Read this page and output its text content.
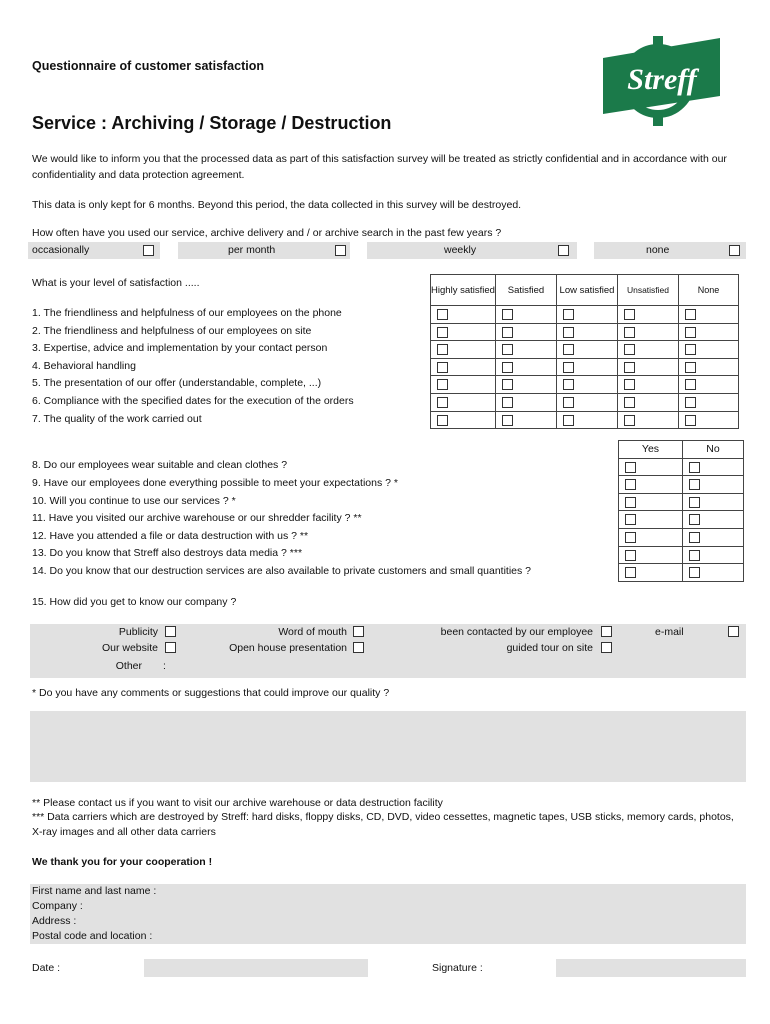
Questionnaire of customer satisfaction
Service : Archiving / Storage / Destruction
Streff
We would like to inform you that the processed data as part of this satisfaction survey will be treated as strictly confidential and in accordance with our confidentiality and data protection agreement.
This data is only kept for 6 months. Beyond this period, the data collected in this survey will be destroyed.
How often have you used our service, archive delivery and / or archive search in the past few years ?
occasionally	per month	weekly	none
What is your level of satisfaction .....
Highly satisfied	Satisfied	Low satisfied	Unsatisfied	None

1. The friendliness and helpfulness of our employees on the phone
2. The friendliness and helpfulness of our employees on site
3. Expertise, advice and implementation by your contact person
4. Behavioral handling
5. The presentation of our offer (understandable, complete, ...)
6. Compliance with the specified dates for the execution of the orders
7. The quality of the work carried out
Yes	No

8. Do our employees wear suitable and clean clothes ?
9. Have our employees done everything possible to meet your expectations ? *
10. Will you continue to use our services ? *
11. Have you visited our archive warehouse or our shredder facility ? **
12. Have you attended a file or data destruction with us ? **
13. Do you know that Streff also destroys data media ? ***
14. Do you know that our destruction services are also available to private customers and small quantities ?
15. How did you get to know our company ?
Publicity
Our website
Other :
Word of mouth
Open house presentation
been contacted by our employee
guided tour on site
e-mail
* Do you have any comments or suggestions that could improve our quality ?
** Please contact us if you want to visit our archive warehouse or data destruction facility
*** Data carriers which are destroyed by Streff: hard disks, floppy disks, CD, DVD, video cessettes, magnetic tapes, USB sticks, memory cards, photos, X-ray images and all other data carriers
We thank you for your cooperation !
First name and last name :
Company :
Address :
Postal code and location :
Date :	Signature :
